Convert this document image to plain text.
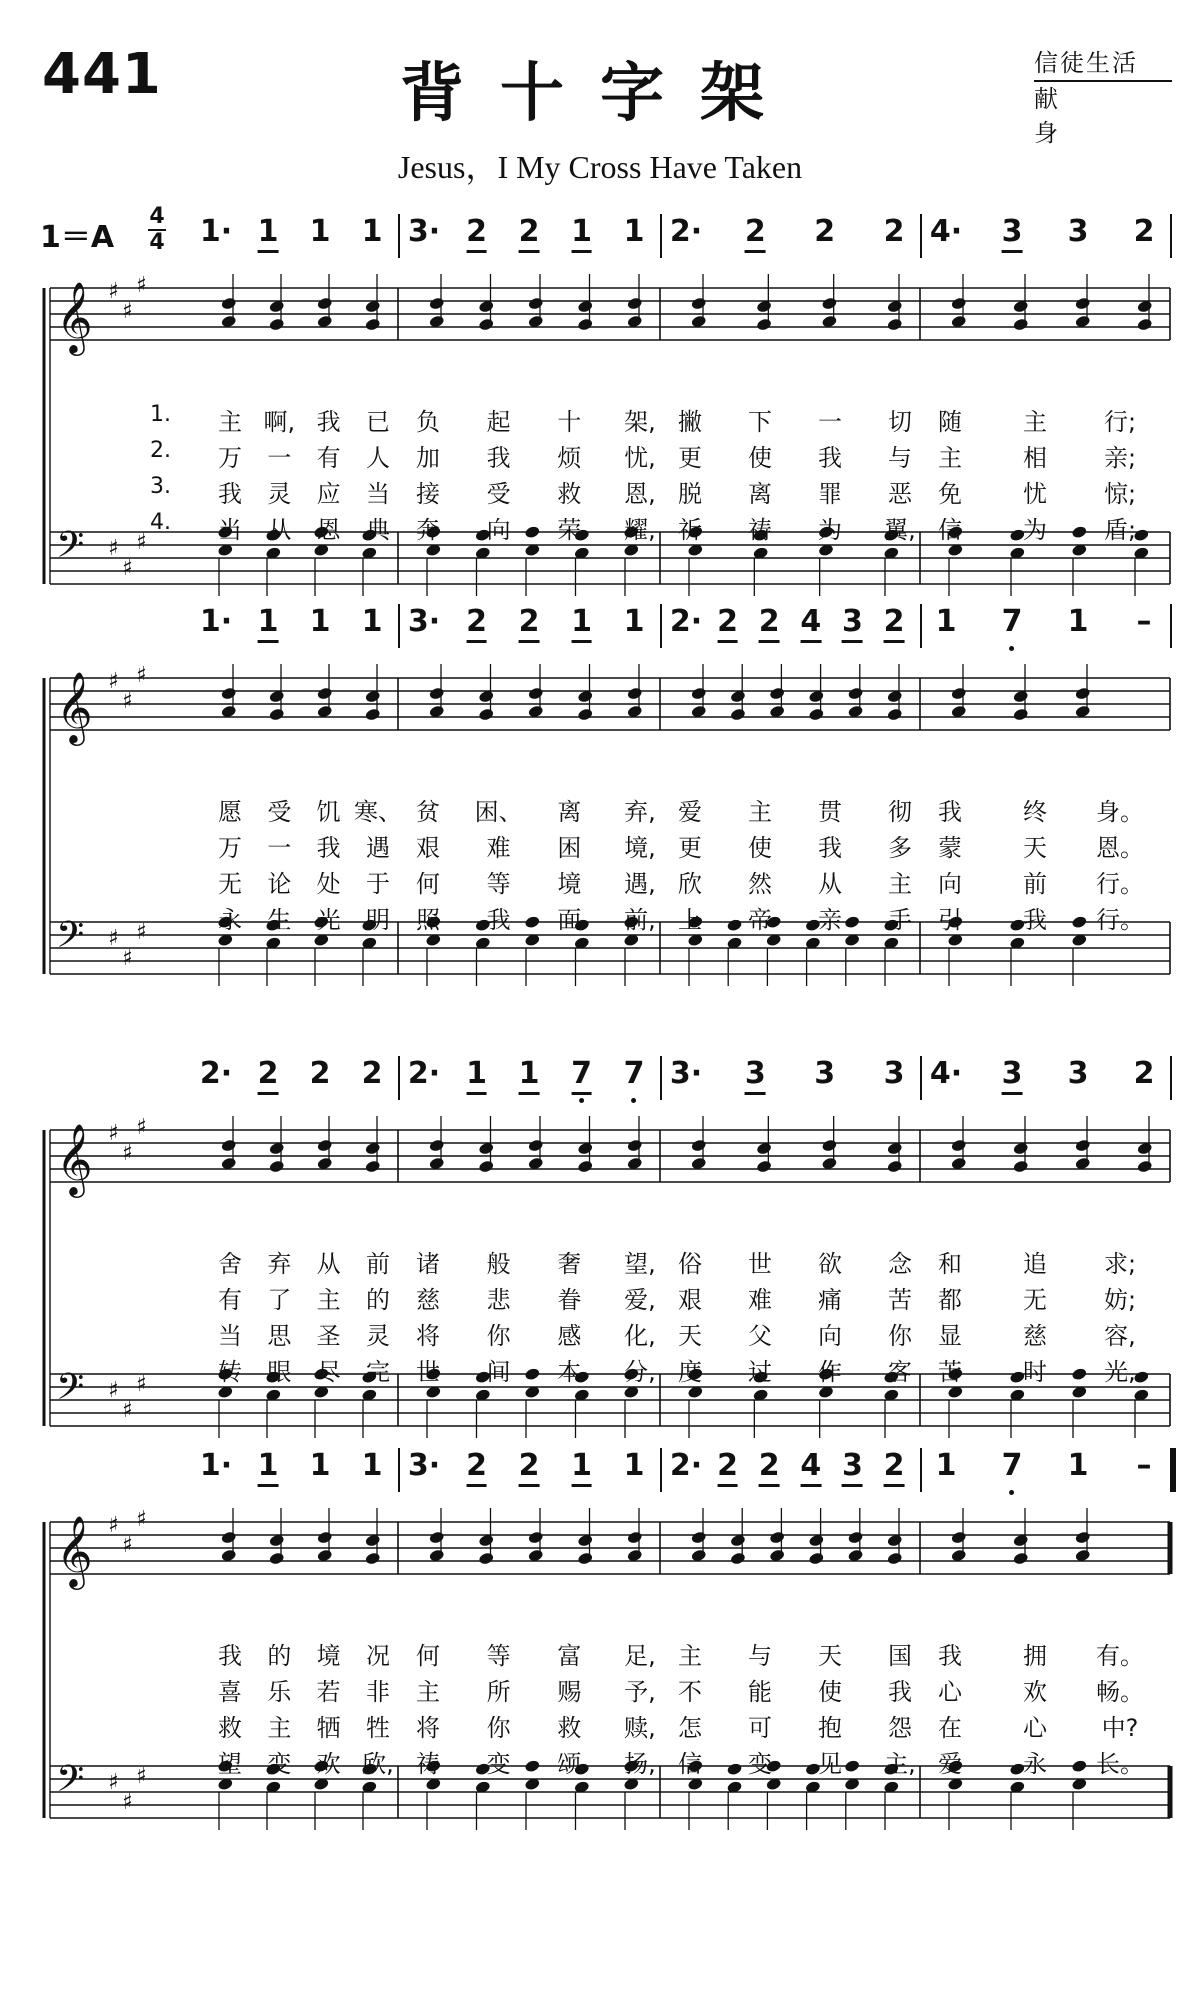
441	背十字架
Jesus，I My Cross Have Taken
信徒生活
献身
1＝A
4
4 1· 1 1 1 3· 2 2 1 1 2· 2 2 2 4· 3 3 2
𝄞 ♯
♯
♯
𝄢 ♯
♯
♯
1. 主 啊, 我 已 负 起 十 架, 撇 下 一 切 随	主 行;
2. 万 一 有 人 加 我 烦 忧, 更 使 我 与 主	相 亲;
3. 我 灵 应 当 接 受 救 恩, 脱 离 罪 恶 免	忧 惊;
4. 当 从 恩 典 奔 向 荣 耀, 祈 祷 为 翼, 信	为 盾;
1· 1 1 1 3· 2 2 1 1 2· 2 2 4 3 2 1 7 1 –
𝄞 ♯
♯
♯
𝄢 ♯
♯
♯
愿 受 饥 寒、 贫 困、 离 弃, 爱 主 贯 彻 我	终 身。
万 一 我 遇 艰 难 困 境, 更 使 我 多 蒙	天 恩。
无 论 处 于 何 等 境 遇, 欣 然 从 主 向	前 行。
永 生 光 明 照 我 面 前, 上 帝 亲 手 引	我 行。
2· 2 2 2 2· 1 1 7 7 3· 3 3 3 4· 3 3 2
𝄞 ♯
♯
♯
𝄢 ♯
♯
♯
舍 弃 从 前 诸 般 奢 望, 俗 世 欲 念 和	追 求;
有 了 主 的 慈 悲 眷 爱, 艰 难 痛 苦 都	无 妨;
当 思 圣 灵 将 你 感 化, 天 父 向 你 显	慈 容,
转 眼 尽 完 世 间 本 分, 度 过 作 客 苦	时 光,
1· 1 1 1 3· 2 2 1 1 2· 2 2 4 3 2 1 7 1 –
𝄞 ♯
♯
♯
𝄢 ♯
♯
♯
我 的 境 况 何 等 富 足, 主 与 天 国 我	拥 有。
喜 乐 若 非 主 所 赐 予, 不 能 使 我 心	欢 畅。
救 主 牺 牲 将 你 救 赎, 怎 可 抱 怨 在	心 中?
望 变 欢 欣, 祷 变 颂 扬, 信 变 见 主, 爱	永 长。
